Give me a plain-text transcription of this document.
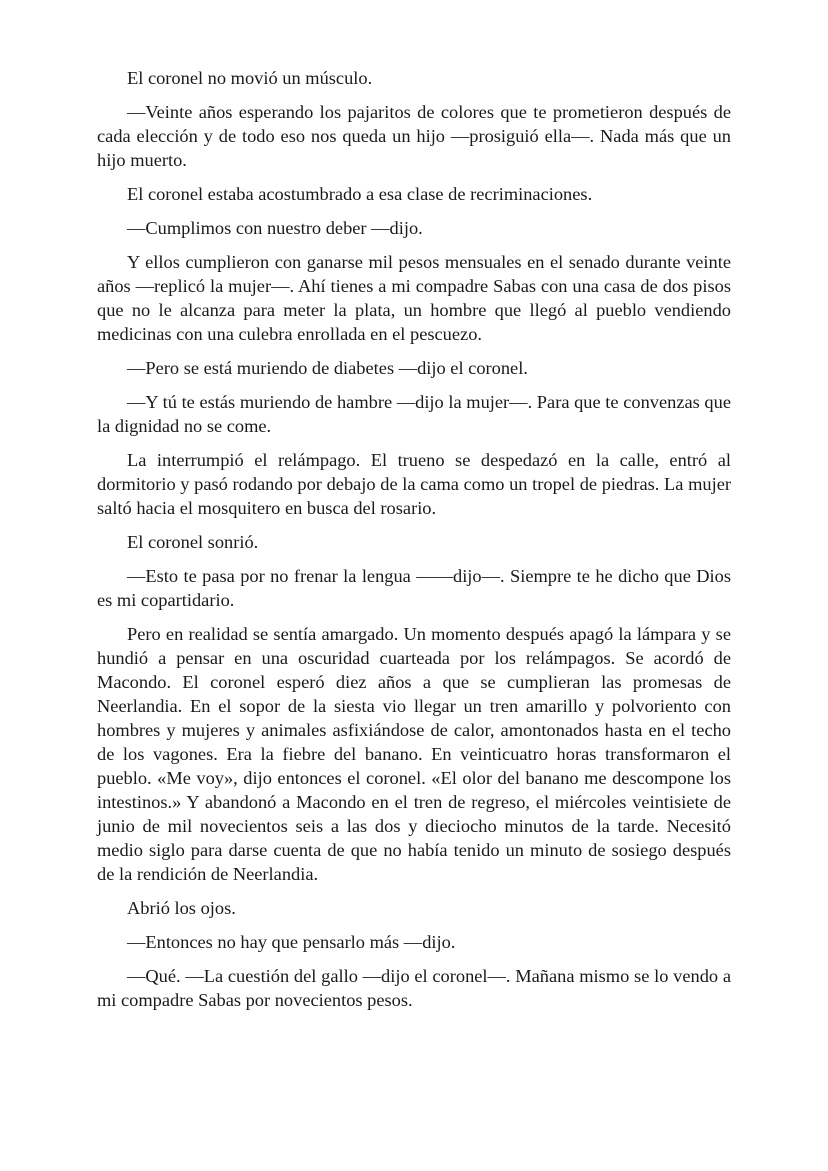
El coronel no movió un músculo.

—Veinte años esperando los pajaritos de colores que te prometieron después de cada elección y de todo eso nos queda un hijo —prosiguió ella—. Nada más que un hijo muerto.

El coronel estaba acostumbrado a esa clase de recriminaciones.

—Cumplimos con nuestro deber —dijo.

Y ellos cumplieron con ganarse mil pesos mensuales en el senado durante veinte años —replicó la mujer—. Ahí tienes a mi compadre Sabas con una casa de dos pisos que no le alcanza para meter la plata, un hombre que llegó al pueblo vendiendo medicinas con una culebra enrollada en el pescuezo.

—Pero se está muriendo de diabetes —dijo el coronel.

—Y tú te estás muriendo de hambre —dijo la mujer—. Para que te convenzas que la dignidad no se come.

La interrumpió el relámpago. El trueno se despedazó en la calle, entró al dormitorio y pasó rodando por debajo de la cama como un tropel de piedras. La mujer saltó hacia el mosquitero en busca del rosario.

El coronel sonrió.

—Esto te pasa por no frenar la lengua ——dijo—. Siempre te he dicho que Dios es mi copartidario.

Pero en realidad se sentía amargado. Un momento después apagó la lámpara y se hundió a pensar en una oscuridad cuarteada por los relámpagos. Se acordó de Macondo. El coronel esperó diez años a que se cumplieran las promesas de Neerlandia. En el sopor de la siesta vio llegar un tren amarillo y polvoriento con hombres y mujeres y animales asfixiándose de calor, amontonados hasta en el techo de los vagones. Era la fiebre del banano. En veinticuatro horas transformaron el pueblo. «Me voy», dijo entonces el coronel. «El olor del banano me descompone los intestinos.» Y abandonó a Macondo en el tren de regreso, el miércoles veintisiete de junio de mil novecientos seis a las dos y dieciocho minutos de la tarde. Necesitó medio siglo para darse cuenta de que no había tenido un minuto de sosiego después de la rendición de Neerlandia.

Abrió los ojos.

—Entonces no hay que pensarlo más —dijo.

—Qué. —La cuestión del gallo —dijo el coronel—. Mañana mismo se lo vendo a mi compadre Sabas por novecientos pesos.
